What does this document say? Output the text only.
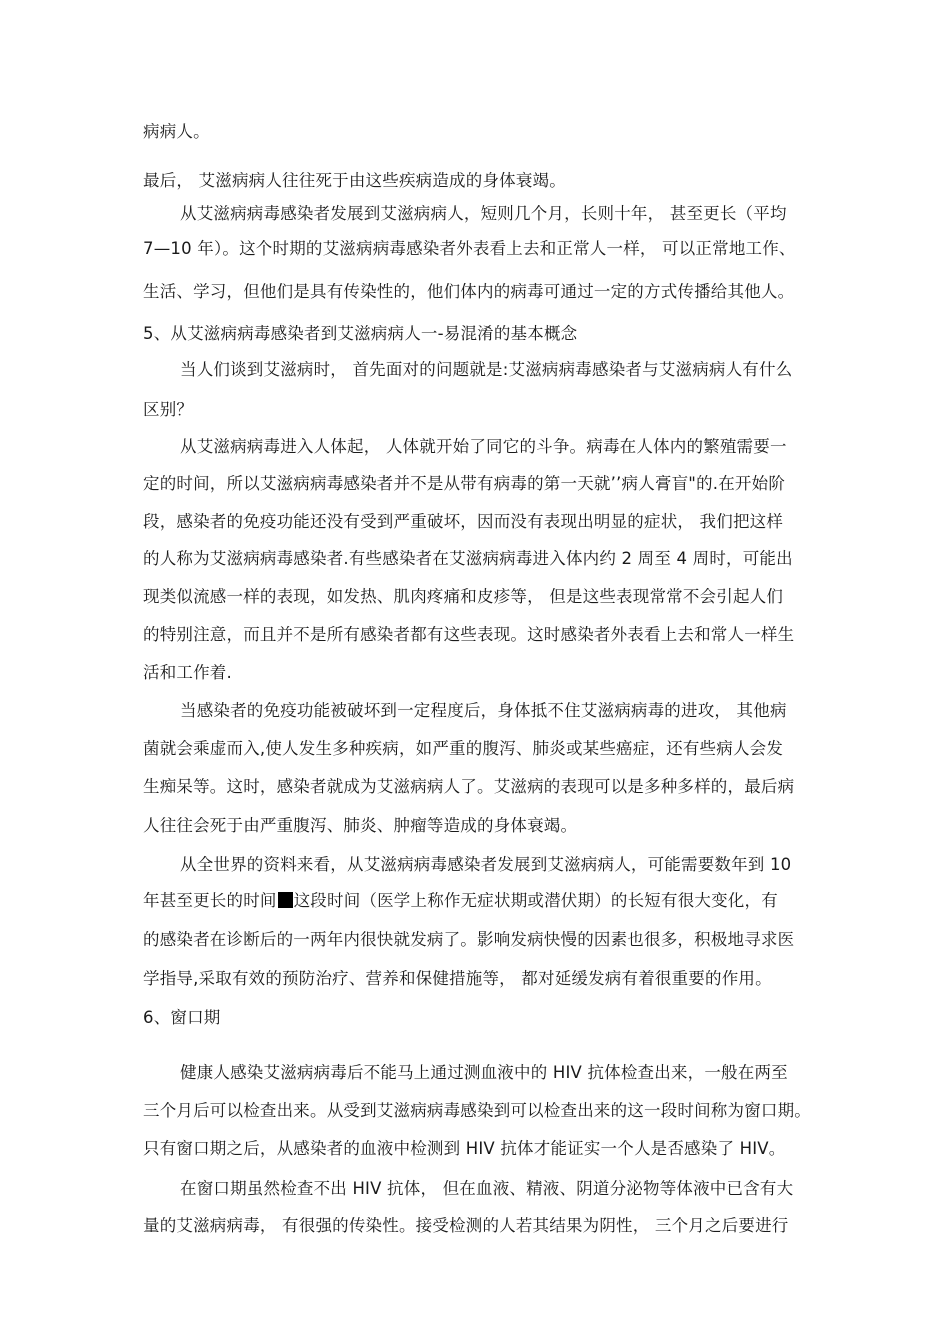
病病人。
最后， 艾滋病病人往往死于由这些疾病造成的身体衰竭。
从艾滋病病毒感染者发展到艾滋病病人，短则几个月，长则十年， 甚至更长（平均
7—10 年）。这个时期的艾滋病病毒感染者外表看上去和正常人一样， 可以正常地工作、
生活、学习，但他们是具有传染性的，他们体内的病毒可通过一定的方式传播给其他人。
5、从艾滋病病毒感染者到艾滋病病人一-易混淆的基本概念
当人们谈到艾滋病时， 首先面对的问题就是:艾滋病病毒感染者与艾滋病病人有什么
区别？
从艾滋病病毒进入人体起， 人体就开始了同它的斗争。病毒在人体内的繁殖需要一
定的时间，所以艾滋病病毒感染者并不是从带有病毒的第一天就’’病人膏盲"的.在开始阶
段，感染者的免疫功能还没有受到严重破坏，因而没有表现出明显的症状， 我们把这样
的人称为艾滋病病毒感染者.有些感染者在艾滋病病毒进入体内约 2 周至 4 周时，可能出
现类似流感一样的表现，如发热、肌肉疼痛和皮疹等， 但是这些表现常常不会引起人们
的特别注意，而且并不是所有感染者都有这些表现。这时感染者外表看上去和常人一样生
活和工作着.
当感染者的免疫功能被破坏到一定程度后，身体抵不住艾滋病病毒的进攻， 其他病
菌就会乘虚而入,使人发生多种疾病，如严重的腹泻、肺炎或某些癌症，还有些病人会发
生痴呆等。这时，感染者就成为艾滋病病人了。艾滋病的表现可以是多种多样的，最后病
人往往会死于由严重腹泻、肺炎、肿瘤等造成的身体衰竭。
从全世界的资料来看，从艾滋病病毒感染者发展到艾滋病病人，可能需要数年到 10
年甚至更长的时间 这段时间（医学上称作无症状期或潜伏期）的长短有很大变化，有
的感染者在诊断后的一两年内很快就发病了。影响发病快慢的因素也很多，积极地寻求医
学指导,采取有效的预防治疗、营养和保健措施等， 都对延缓发病有着很重要的作用。
6、窗口期
健康人感染艾滋病病毒后不能马上通过测血液中的 HIV 抗体检查出来，一般在两至
三个月后可以检查出来。从受到艾滋病病毒感染到可以检查出来的这一段时间称为窗口期。
只有窗口期之后，从感染者的血液中检测到 HIV 抗体才能证实一个人是否感染了 HIV。
在窗口期虽然检查不出 HIV 抗体， 但在血液、精液、阴道分泌物等体液中已含有大
量的艾滋病病毒， 有很强的传染性。接受检测的人若其结果为阴性， 三个月之后要进行
